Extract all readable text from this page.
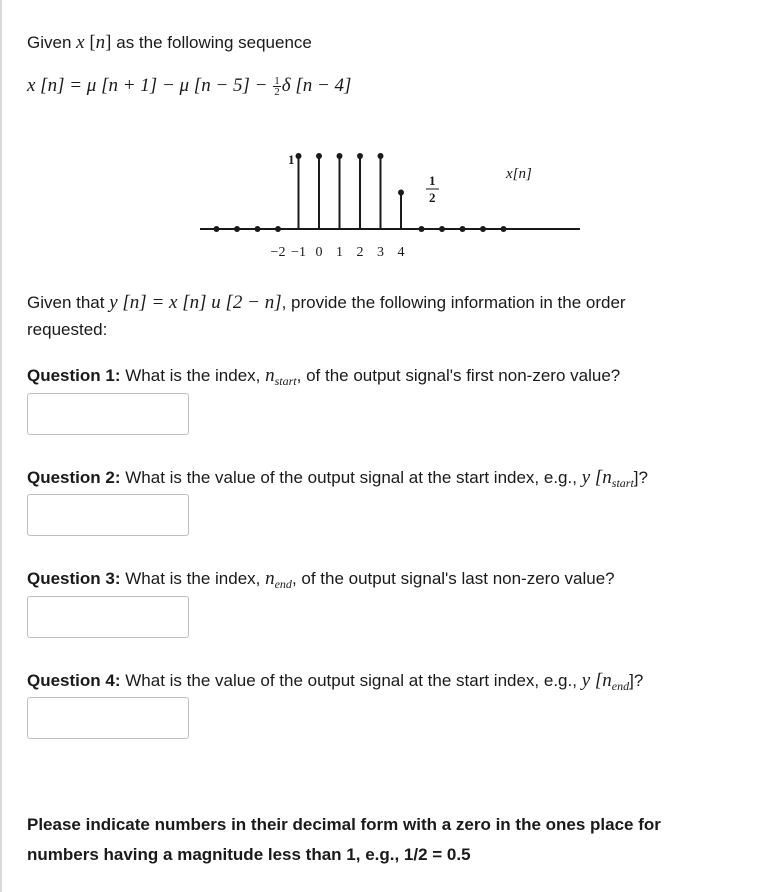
Given x [n] as the following sequence
x [n] = μ [n + 1] − μ $[n - 5] - \frac{1}{2}$ δ [n − 4]
−2 −1 0 1 2 3 4
x[n]
1
1
2
Given that y [n] = x [n] u [2 − n], provide the following information in the order
requested:
Question 1: What is the index, $n_{start}$, of the output signal's first non-zero value?
Question 2: What is the value of the output signal at the start index, e.g., y $[n_{start}]$?
Question 3: What is the index, $n_{end}$, of the output signal's last non-zero value?
Question 4: What is the value of the output signal at the start index, e.g., y $[n_{end}]$?
Please indicate numbers in their decimal form with a zero in the ones place for
numbers having a magnitude less than 1, e.g., 1/2 = 0.5
